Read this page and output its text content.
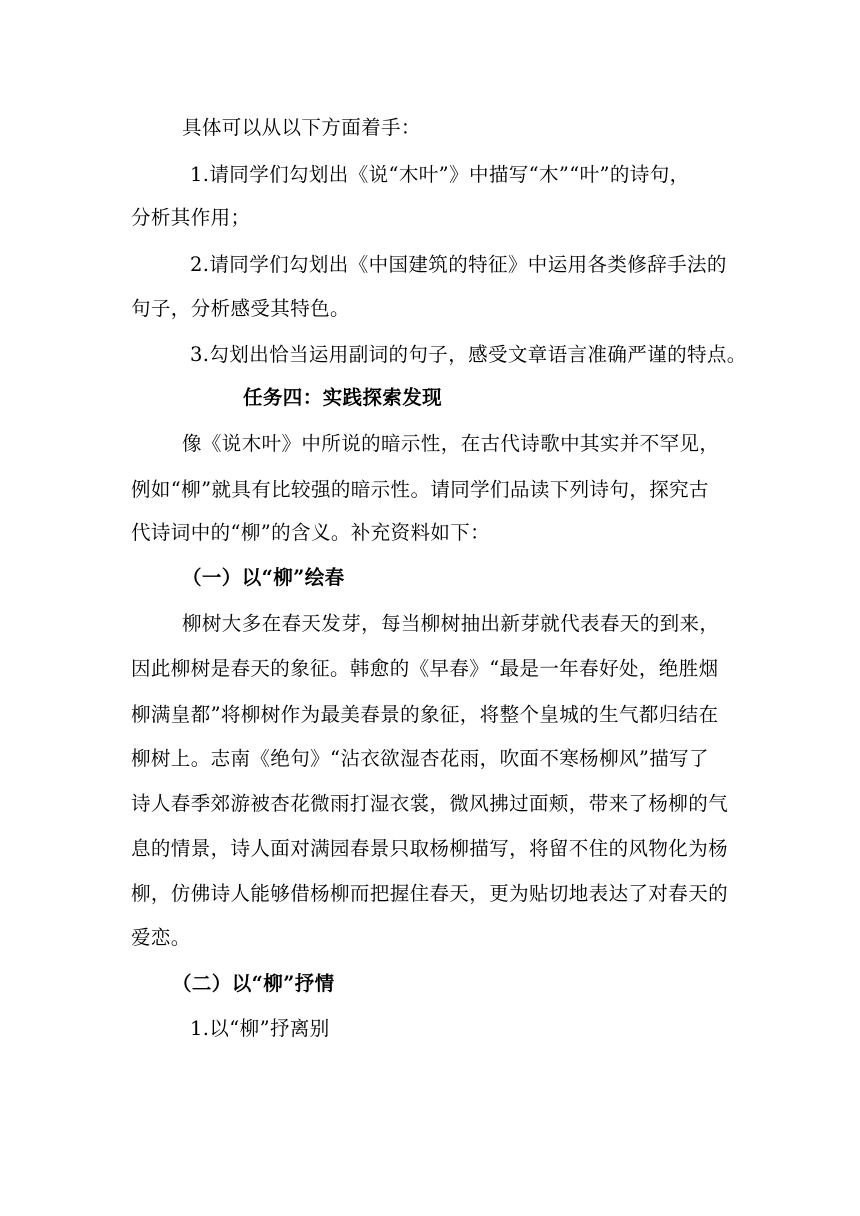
具体可以从以下方面着手：
1.请同学们勾划出《说“木叶”》中描写“木”“叶”的诗句，
分析其作用；
2.请同学们勾划出《中国建筑的特征》中运用各类修辞手法的
句子，分析感受其特色。
3.勾划出恰当运用副词的句子，感受文章语言准确严谨的特点。
任务四：实践探索发现
像《说木叶》中所说的暗示性，在古代诗歌中其实并不罕见，
例如“柳”就具有比较强的暗示性。请同学们品读下列诗句，探究古
代诗词中的“柳”的含义。补充资料如下：
（一）以“柳”绘春
柳树大多在春天发芽，每当柳树抽出新芽就代表春天的到来，
因此柳树是春天的象征。韩愈的《早春》“最是一年春好处，绝胜烟
柳满皇都”将柳树作为最美春景的象征，将整个皇城的生气都归结在
柳树上。志南《绝句》“沾衣欲湿杏花雨，吹面不寒杨柳风”描写了
诗人春季郊游被杏花微雨打湿衣裳，微风拂过面颊，带来了杨柳的气
息的情景，诗人面对满园春景只取杨柳描写，将留不住的风物化为杨
柳，仿佛诗人能够借杨柳而把握住春天，更为贴切地表达了对春天的
爱恋。
（二）以“柳”抒情
1.以“柳”抒离别
